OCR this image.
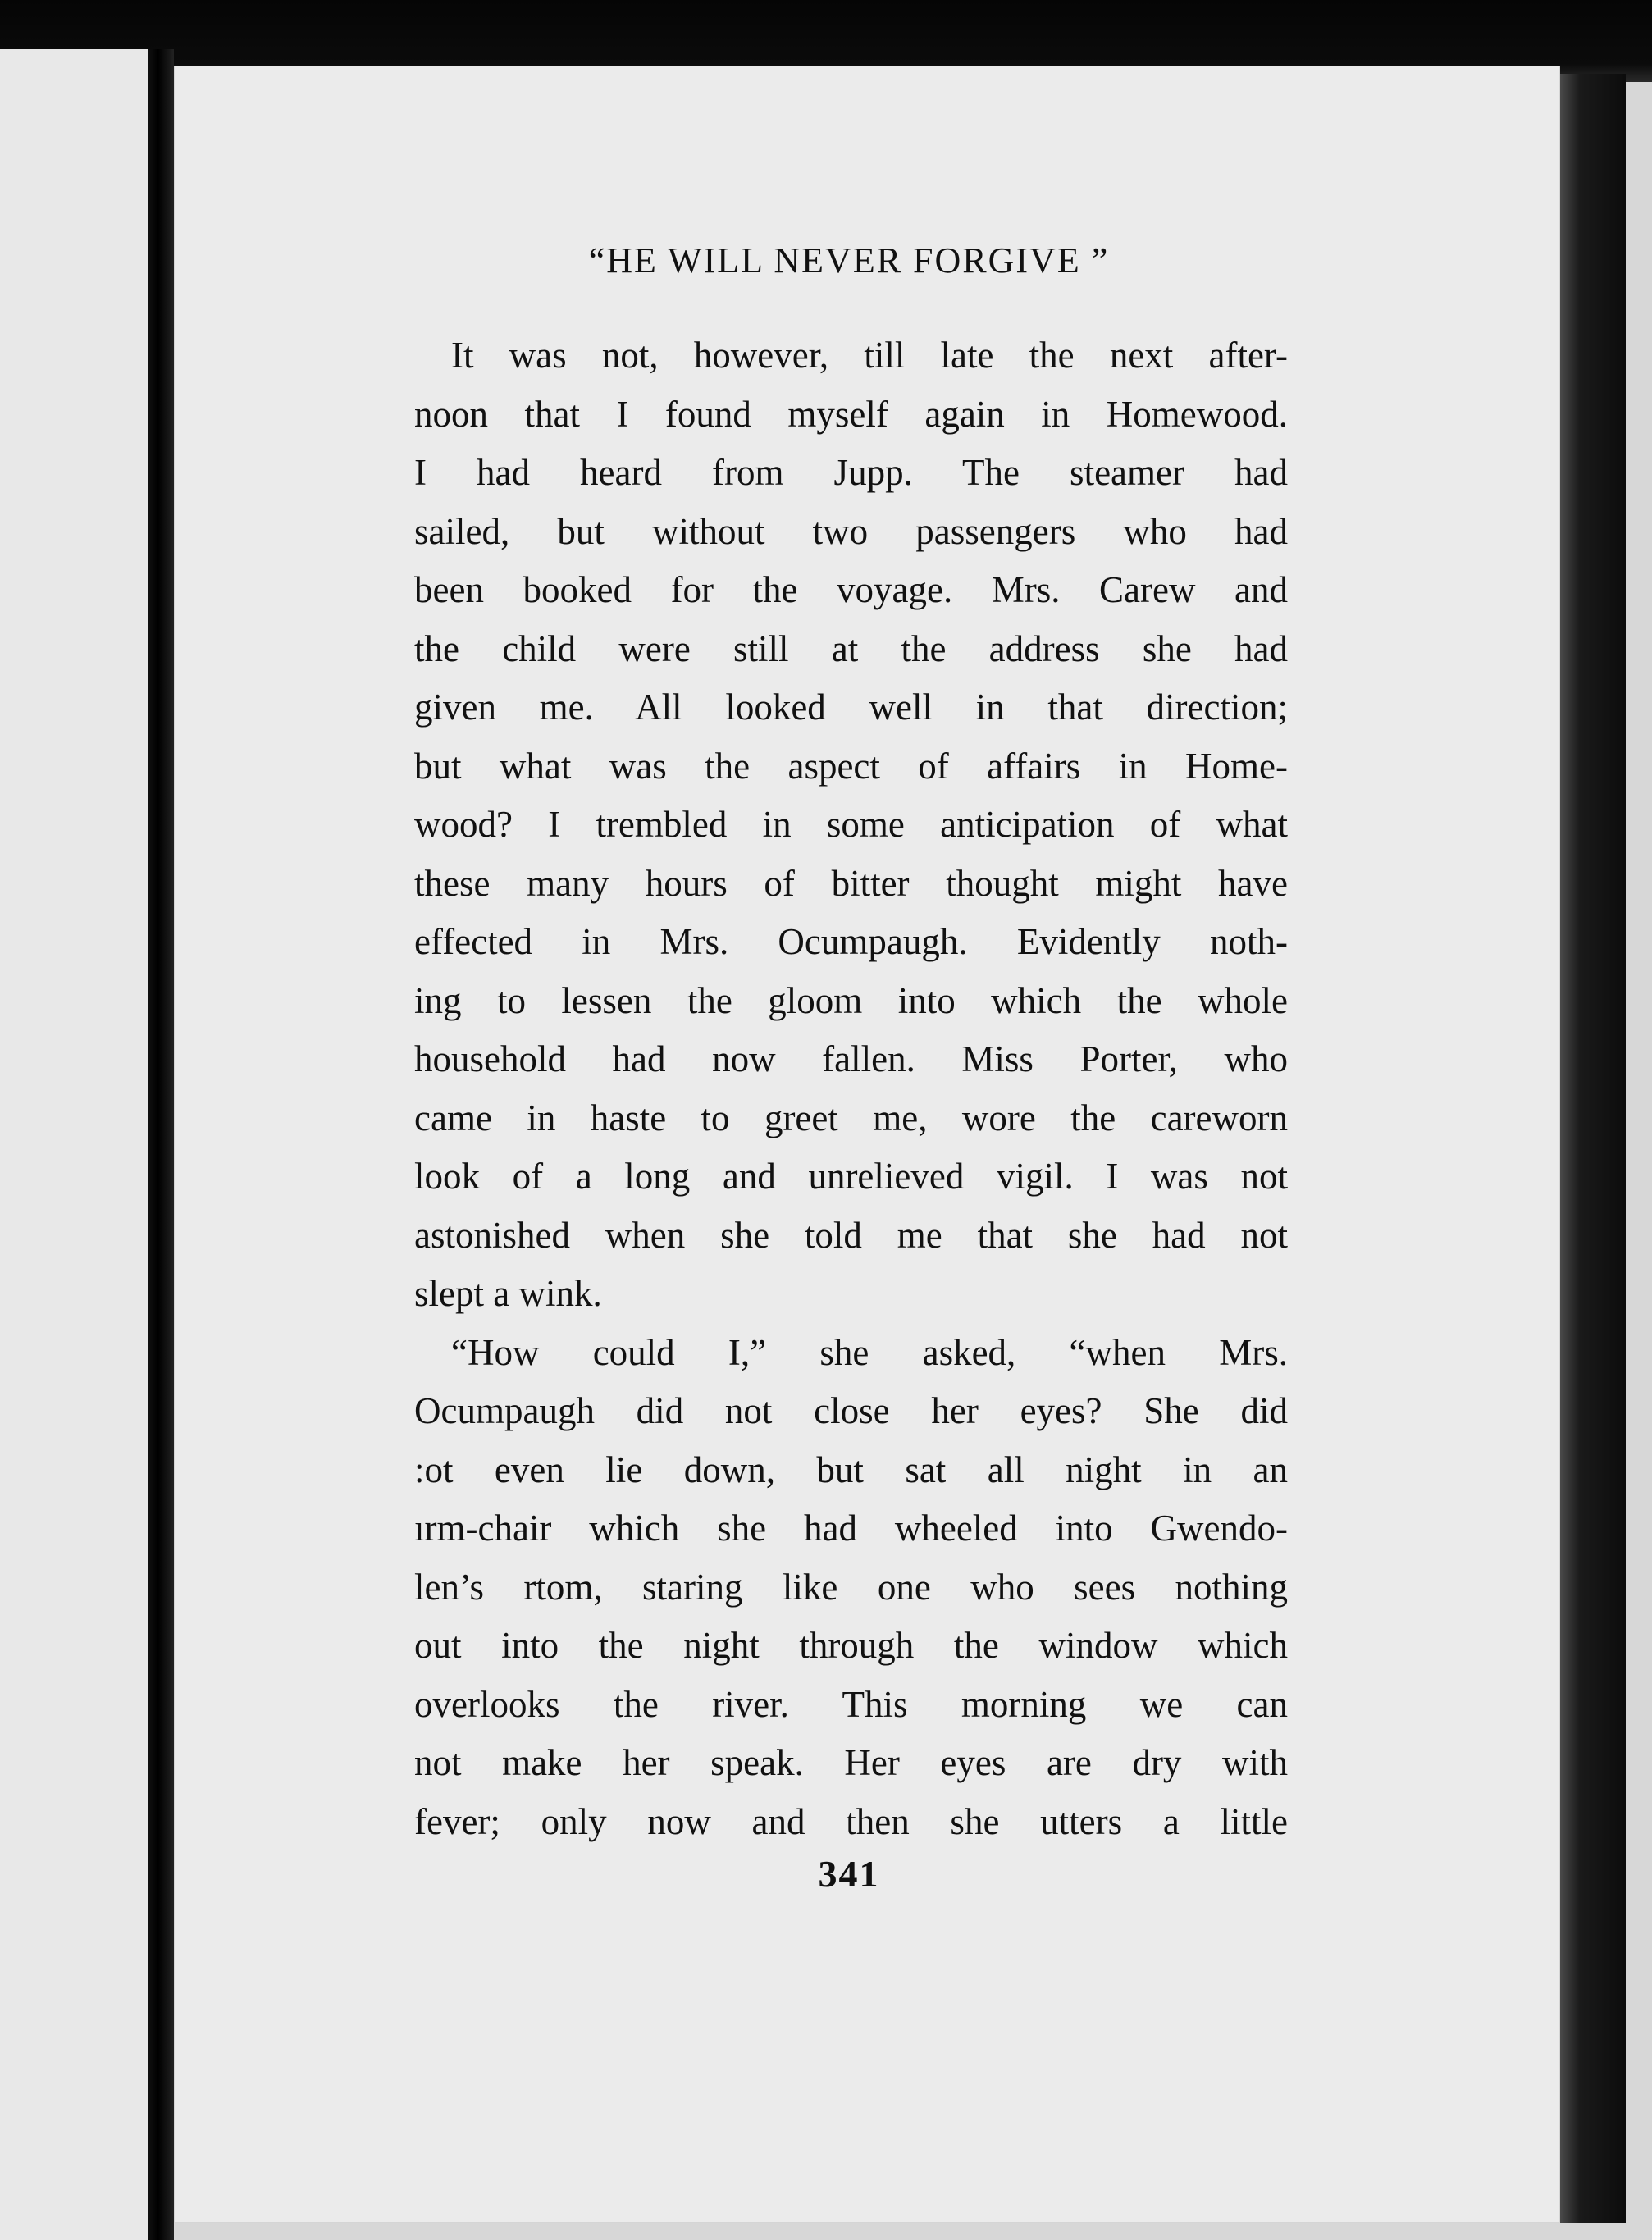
“HE WILL NEVER FORGIVE ”
It was not, however, till late the next after-
noon that I found myself again in Homewood.
I had heard from Jupp. The steamer had
sailed, but without two passengers who had
been booked for the voyage. Mrs. Carew and
the child were still at the address she had
given me. All looked well in that direction;
but what was the aspect of affairs in Home-
wood? I trembled in some anticipation of what
these many hours of bitter thought might have
effected in Mrs. Ocumpaugh. Evidently noth-
ing to lessen the gloom into which the whole
household had now fallen. Miss Porter, who
came in haste to greet me, wore the careworn
look of a long and unrelieved vigil. I was not
astonished when she told me that she had not
slept a wink.
“How could I,” she asked, “when Mrs.
Ocumpaugh did not close her eyes? She did
:ot even lie down, but sat all night in an
ırm-chair which she had wheeled into Gwendo-
len’s rtom, staring like one who sees nothing
out into the night through the window which
overlooks the river. This morning we can
not make her speak. Her eyes are dry with
fever; only now and then she utters a little
341
